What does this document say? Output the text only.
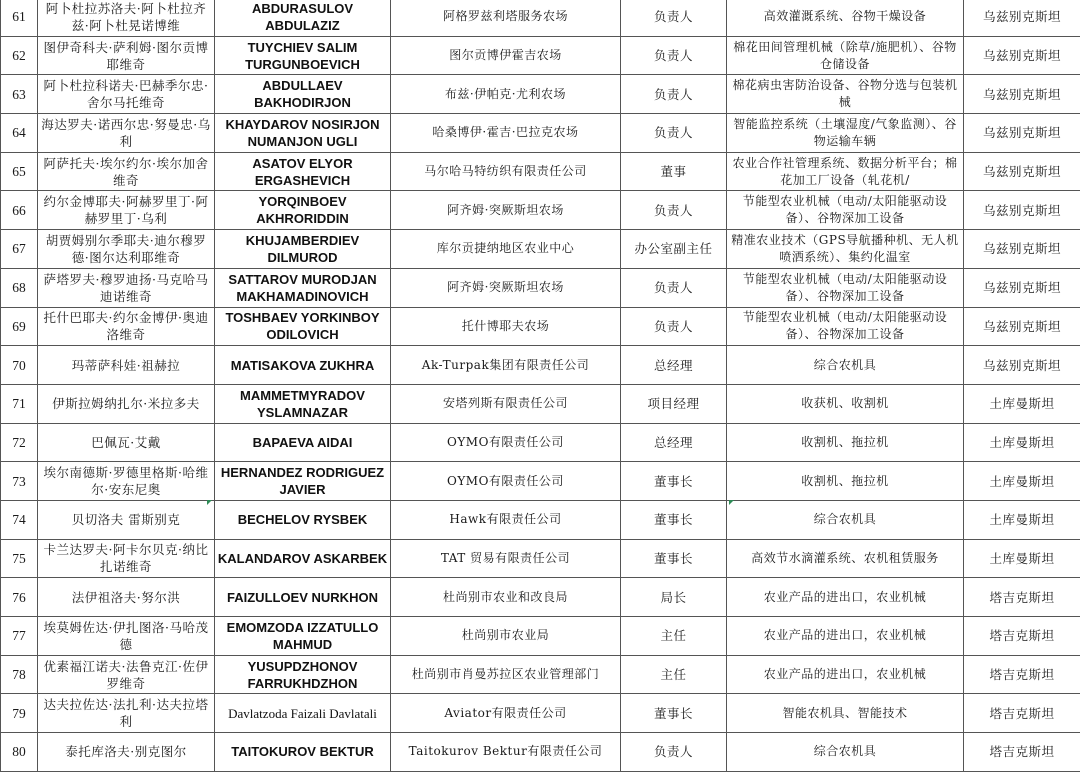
61	阿卜杜拉苏洛夫·阿卜杜拉齐兹·阿卜杜晃诺博维	ABDURASULOV ABDULAZIZ	阿格罗兹利塔服务农场	负责人	高效灌溉系统、谷物干燥设备	乌兹别克斯坦
62	图伊奇科夫·萨利姆·图尔贡博耶维奇	TUYCHIEV SALIM TURGUNBOEVICH	图尔贡博伊霍吉农场	负责人	棉花田间管理机械（除草/施肥机）、谷物仓储设备	乌兹别克斯坦
63	阿卜杜拉科诺夫·巴赫季尔忠·舍尔马托维奇	ABDULLAEV BAKHODIRJON	布兹·伊帕克·尤利农场	负责人	棉花病虫害防治设备、谷物分选与包装机械	乌兹别克斯坦
64	海达罗夫·诺西尔忠·努曼忠·乌利	KHAYDAROV NOSIRJON NUMANJON UGLI	哈桑博伊·霍吉·巴拉克农场	负责人	智能监控系统（土壤湿度/气象监测）、谷物运输车辆	乌兹别克斯坦
65	阿萨托夫·埃尔约尔·埃尔加舍维奇	ASATOV ELYOR ERGASHEVICH	马尔哈马特纺织有限责任公司	董事	农业合作社管理系统、数据分析平台；棉花加工厂设备（轧花机/	乌兹别克斯坦
66	约尔金博耶夫·阿赫罗里丁·阿赫罗里丁·乌利	YORQINBOEV AKHRORIDDIN	阿齐姆·突厥斯坦农场	负责人	节能型农业机械（电动/太阳能驱动设备）、谷物深加工设备	乌兹别克斯坦
67	胡贾姆别尔季耶夫·迪尔穆罗德·图尔达利耶维奇	KHUJAMBERDIEV DILMUROD	库尔贡捷纳地区农业中心	办公室副主任	精准农业技术（GPS导航播种机、无人机喷洒系统）、集约化温室	乌兹别克斯坦
68	萨塔罗夫·穆罗迪扬·马克哈马迪诺维奇	SATTAROV MURODJAN MAKHAMADINOVICH	阿齐姆·突厥斯坦农场	负责人	节能型农业机械（电动/太阳能驱动设备）、谷物深加工设备	乌兹别克斯坦
69	托什巴耶夫·约尔金博伊·奥迪洛维奇	TOSHBAEV YORKINBOY ODILOVICH	托什博耶夫农场	负责人	节能型农业机械（电动/太阳能驱动设备）、谷物深加工设备	乌兹别克斯坦
70	玛蒂萨科娃·祖赫拉	MATISAKOVA ZUKHRA	Ak-Turpak集团有限责任公司	总经理	综合农机具	乌兹别克斯坦
71	伊斯拉姆纳扎尔·米拉多夫	MAMMETMYRADOV YSLAMNAZAR	安塔列斯有限责任公司	项目经理	收获机、收割机	土库曼斯坦
72	巴佩瓦·艾戴	BAPAEVA AIDAI	OYMO有限责任公司	总经理	收割机、拖拉机	土库曼斯坦
73	埃尔南德斯·罗德里格斯·哈维尔·安东尼奥	HERNANDEZ RODRIGUEZ JAVIER	OYMO有限责任公司	董事长	收割机、拖拉机	土库曼斯坦
74	贝切洛夫 雷斯别克	BECHELOV RYSBEK	Hawk有限责任公司	董事长	综合农机具	土库曼斯坦
75	卡兰达罗夫·阿卡尔贝克·纳比扎诺维奇	KALANDAROV ASKARBEK	TAT 贸易有限责任公司	董事长	高效节水滴灌系统、农机租赁服务	土库曼斯坦
76	法伊祖洛夫·努尔洪	FAIZULLOEV NURKHON	杜尚别市农业和改良局	局长	农业产品的进出口，农业机械	塔吉克斯坦
77	埃莫姆佐达·伊扎图洛·马哈茂德	EMOMZODA IZZATULLO MAHMUD	杜尚别市农业局	主任	农业产品的进出口，农业机械	塔吉克斯坦
78	优素福江诺夫·法鲁克江·佐伊罗维奇	YUSUPDZHONOV FARRUKHDZHON	杜尚别市肖曼苏拉区农业管理部门	主任	农业产品的进出口，农业机械	塔吉克斯坦
79	达夫拉佐达·法扎利·达夫拉塔利	Davlatzoda Faizali Davlatali	Aviator有限责任公司	董事长	智能农机具、智能技术	塔吉克斯坦
80	泰托库洛夫·别克图尔	TAITOKUROV BEKTUR	Taitokurov Bektur有限责任公司	负责人	综合农机具	塔吉克斯坦
